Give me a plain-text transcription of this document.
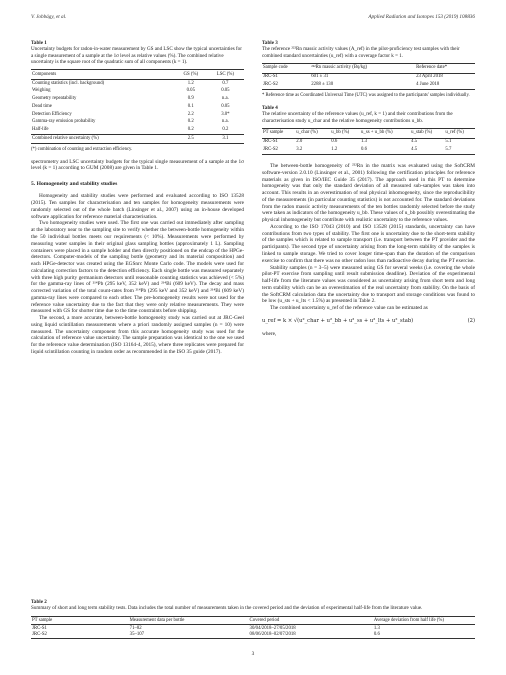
V. Jobbágy, et al.	Applied Radiation and Isotopes 153 (2019) 108836
Table 1
Uncertainty budgets for radon-in-water measurement by GS and LSC show the typical uncertainties for a single measurement of a sample at the 1σ level as relative values (%). The combined relative uncertainty is the square root of the quadratic sum of all components (k = 1).
Components	GS (%)	LSC (%)
Counting statistics (incl. background)	1.2	0.7
Weighing	0.05	0.05
Geometry repeatability	0.9	n.a.
Dead time	0.1	0.05
Detection Efficiency	2.2	3.0*
Gamma-ray emission probability	0.2	n.a.
Half-life	0.2	0.2
Combined relative uncertainty (%)	2.5	3.1
(*) combination of counting and extraction efficiency.

spectrometry and LSC uncertainty budgets for the typical single measurement of a sample at the 1σ level (k = 1) according to GUM (2008) are given in Table 1.

5. Homogeneity and stability studies

Homogeneity and stability studies were performed and evaluated according to ISO 13528 (2015). Ten samples for characterisation and ten samples for homogeneity measurements were randomly selected out of the whole batch (Linsinger et al., 2007) using an in-house developed software application for reference material characterisation.

Two homogeneity studies were used. The first one was carried out immediately after sampling at the laboratory near to the sampling site to verify whether the between-bottle homogeneity within the 50 individual bottles meets our requirements (< 10%). Measurements were performed by measuring water samples in their original glass sampling bottles (approximately 1 L). Sampling containers were placed in a sample holder and then directly positioned on the endcap of the HPGe-detectors. Computer-models of the sampling bottle (geometry and its material composition) and each HPGe-detector was created using the EGSnrc Monte Carlo code. The models were used for calculating correction factors to the detection efficiency. Each single bottle was measured separately with three high purity germanium detectors until reasonable counting statistics was achieved (< 5%) for the gamma-ray lines of ²¹⁴Pb (295 keV, 352 keV) and ²¹⁴Bi (609 keV). The decay and mass corrected variation of the total count-rates from ²¹⁴Pb (295 keV and 352 keV) and ²¹⁴Bi (609 keV) gamma-ray lines were compared to each other. The pre-homogeneity results were not used for the reference value uncertainty due to the fact that they were only relative measurements. They were measured with GS for shorter time due to the time constraints before shipping.

The second, a more accurate, between-bottle homogeneity study was carried out at JRC-Geel using liquid scintillation measurements where a priori randomly assigned samples (n = 10) were measured. The uncertainty component from this accurate homogeneity study was used for the calculation of reference value uncertainty. The sample preparation was identical to the one we used for the reference value determination (ISO 13164-4, 2015), where three replicates were prepared for liquid scintillation counting in random order as recommended in the ISO 35 guide (2017).

Table 3
The reference ²²²Rn massic activity values (A_ref) in the pilot-proficiency test samples with their combined standard uncertainties (u_ref) with a coverage factor k = 1.
Sample code	²²²Rn massic activity (Bq/kg)	Reference date*
JRC-S1	601 ± 31	23 April 2018
JRC-S2	2288 ± 130	4 June 2018
* Reference time as Coordinated Universal Time (UTC) was assigned to the participants' samples individually.
Table 4
The relative uncertainty of the reference values (u_ref, k = 1) and their contributions from the characterisation study u_char and the relative homogeneity contributions u_bb.
PT sample	u_char (%)	u_bb (%)	u_ss + u_bb (%)	u_stab (%)	u_ref (%)
JRC-S1	2.0	0.6	1.3	4.5	5.1
JRC-S2	3.2	1.2	0.6	4.5	5.7

The between-bottle homogeneity of ²²²Rn in the matrix was evaluated using the SoftCRM software-version 2.0.10 (Linsinger et al., 2001) following the certification principles for reference materials as given in ISO/IEC Guide 35 (2017). The approach used in this PT to determine homogeneity was that only the standard deviation of all measured sub-samples was taken into account. This results in an overestimation of real physical inhomogeneity, since the reproducibility of the measurements (in particular counting statistics) is not accounted for. The standard deviations from the radon massic activity measurements of the ten bottles randomly selected before the study were taken as indicators of the homogeneity u_bb. These values of u_bb possibly overestimating the physical inhomogeneity but contribute with realistic uncertainty to the reference values.

According to the ISO 17043 (2010) and ISO 13528 (2015) standards, uncertainty can have contributions from two types of stability. The first one is uncertainty due to the short-term stability of the samples which is related to sample transport (i.e. transport between the PT provider and the participants). The second type of uncertainty arising from the long-term stability of the samples is linked to sample storage. We tried to cover longer time-span than the duration of the comparison exercise to confirm that there was no other radon loss than radioactive decay during the PT exercise.

Stability samples (n = 3–5) were measured using GS for several weeks (i.e. covering the whole pilot-PT exercise from sampling until result submission deadline). Deviation of the experimental half-life from the literature values was considered as uncertainty arising from short term and long term stability which can be an overestimation of the real uncertainty from stability. On the basis of the SoftCRM calculation data the uncertainty due to transport and storage conditions was found to be low (u_sts + u_lts < 1.5%) as presented in Table 2.

The combined uncertainty u_ref of the reference value can be estimated as

u_ref = k × √(u²_char + u²_bb + u²_ss + u²_lts + u²_stab)	(2)

where,

Table 2
Summary of short and long term stability tests. Data includes the total number of measurements taken in the covered period and the deviation of experimental half-life from the literature value.
PT sample	Measurement data per bottle	Covered period	Average deviation from half life (%)
JRC-S1	71–82	30/04/2018–27/05/2018	1.3
JRC-S2	35–107	08/06/2018–02/07/2018	0.6
3
